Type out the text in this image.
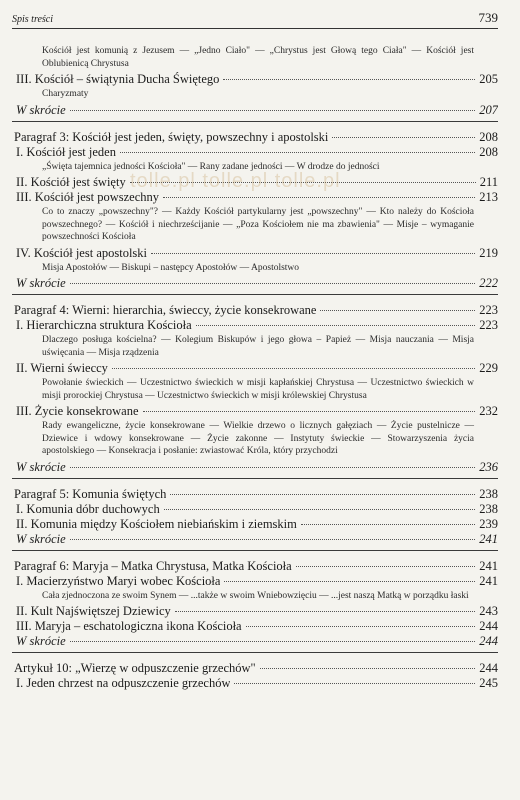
Spis treści	739
Kościół jest komunią z Jezusem — „Jedno Ciało" — „Chrystus jest Głową tego Ciała" — Kościół jest Oblubienicą Chrystusa
III. Kościół – świątynia Ducha Świętego	205
Charyzmaty
W skrócie	207
Paragraf 3: Kościół jest jeden, święty, powszechny i apostolski	208
I. Kościół jest jeden	208
„Święta tajemnica jedności Kościoła" — Rany zadane jedności — W drodze do jedności
II. Kościół jest święty	211
III. Kościół jest powszechny	213
Co to znaczy „powszechny"? — Każdy Kościół partykularny jest „powszechny" — Kto należy do Kościoła powszechnego? — Kościół i niechrześcijanie — „Poza Kościołem nie ma zbawienia" — Misje – wymaganie powszechności Kościoła
IV. Kościół jest apostolski	219
Misja Apostołów — Biskupi – następcy Apostołów — Apostolstwo
W skrócie	222
Paragraf 4: Wierni: hierarchia, świeccy, życie konsekrowane	223
I. Hierarchiczna struktura Kościoła	223
Dlaczego posługa kościelna? — Kolegium Biskupów i jego głowa – Papież — Misja nauczania — Misja uświęcania — Misja rządzenia
II. Wierni świeccy	229
Powołanie świeckich — Uczestnictwo świeckich w misji kapłańskiej Chrystusa — Uczestnictwo świeckich w misji prorockiej Chrystusa — Uczestnictwo świeckich w misji królewskiej Chrystusa
III. Życie konsekrowane	232
Rady ewangeliczne, życie konsekrowane — Wielkie drzewo o licznych gałęziach — Życie pustelnicze — Dziewice i wdowy konsekrowane — Życie zakonne — Instytuty świeckie — Stowarzyszenia życia apostolskiego — Konsekracja i posłanie: zwiastować Króla, który przychodzi
W skrócie	236
Paragraf 5: Komunia świętych	238
I. Komunia dóbr duchowych	238
II. Komunia między Kościołem niebiańskim i ziemskim	239
W skrócie	241
Paragraf 6: Maryja – Matka Chrystusa, Matka Kościoła	241
I. Macierzyństwo Maryi wobec Kościoła	241
Cała zjednoczona ze swoim Synem — ...także w swoim Wniebowzięciu — ...jest naszą Matką w porządku łaski
II. Kult Najświętszej Dziewicy	243
III. Maryja – eschatologiczna ikona Kościoła	244
W skrócie	244
Artykuł 10: „Wierzę w odpuszczenie grzechów"	244
I. Jeden chrzest na odpuszczenie grzechów	245
tolle.pl tolle.pl tolle.pl
